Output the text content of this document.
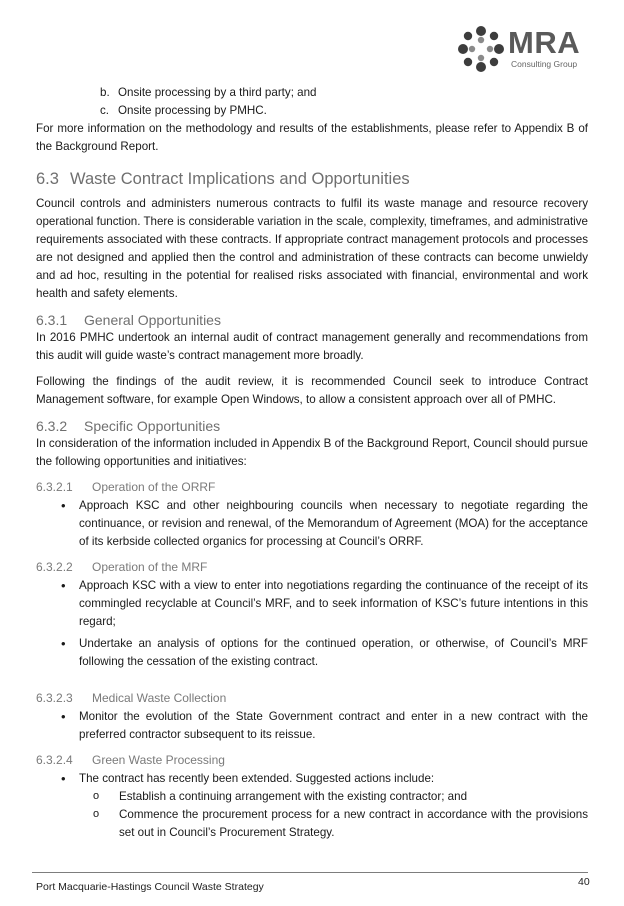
MRA
Consulting Group
b. Onsite processing by a third party; and
c. Onsite processing by PMHC.

For more information on the methodology and results of the establishments, please refer to Appendix B of the Background Report.

6.3 Waste Contract Implications and Opportunities

Council controls and administers numerous contracts to fulfil its waste manage and resource recovery operational function. There is considerable variation in the scale, complexity, timeframes, and administrative requirements associated with these contracts. If appropriate contract management protocols and processes are not designed and applied then the control and administration of these contracts can become unwieldy and ad hoc, resulting in the potential for realised risks associated with financial, environmental and work health and safety elements.

6.3.1 General Opportunities

In 2016 PMHC undertook an internal audit of contract management generally and recommendations from this audit will guide waste’s contract management more broadly.

Following the findings of the audit review, it is recommended Council seek to introduce Contract Management software, for example Open Windows, to allow a consistent approach over all of PMHC.

6.3.2 Specific Opportunities

In consideration of the information included in Appendix B of the Background Report, Council should pursue the following opportunities and initiatives:

6.3.2.1 Operation of the ORRF
• Approach KSC and other neighbouring councils when necessary to negotiate regarding the continuance, or revision and renewal, of the Memorandum of Agreement (MOA) for the acceptance of its kerbside collected organics for processing at Council’s ORRF.
6.3.2.2 Operation of the MRF
• Approach KSC with a view to enter into negotiations regarding the continuance of the receipt of its commingled recyclable at Council’s MRF, and to seek information of KSC’s future intentions in this regard;
• Undertake an analysis of options for the continued operation, or otherwise, of Council’s MRF following the cessation of the existing contract.
6.3.2.3 Medical Waste Collection
• Monitor the evolution of the State Government contract and enter in a new contract with the preferred contractor subsequent to its reissue.
6.3.2.4 Green Waste Processing
• The contract has recently been extended. Suggested actions include:
o Establish a continuing arrangement with the existing contractor; and
o Commence the procurement process for a new contract in accordance with the provisions set out in Council’s Procurement Strategy.
Port Macquarie-Hastings Council Waste Strategy	40
